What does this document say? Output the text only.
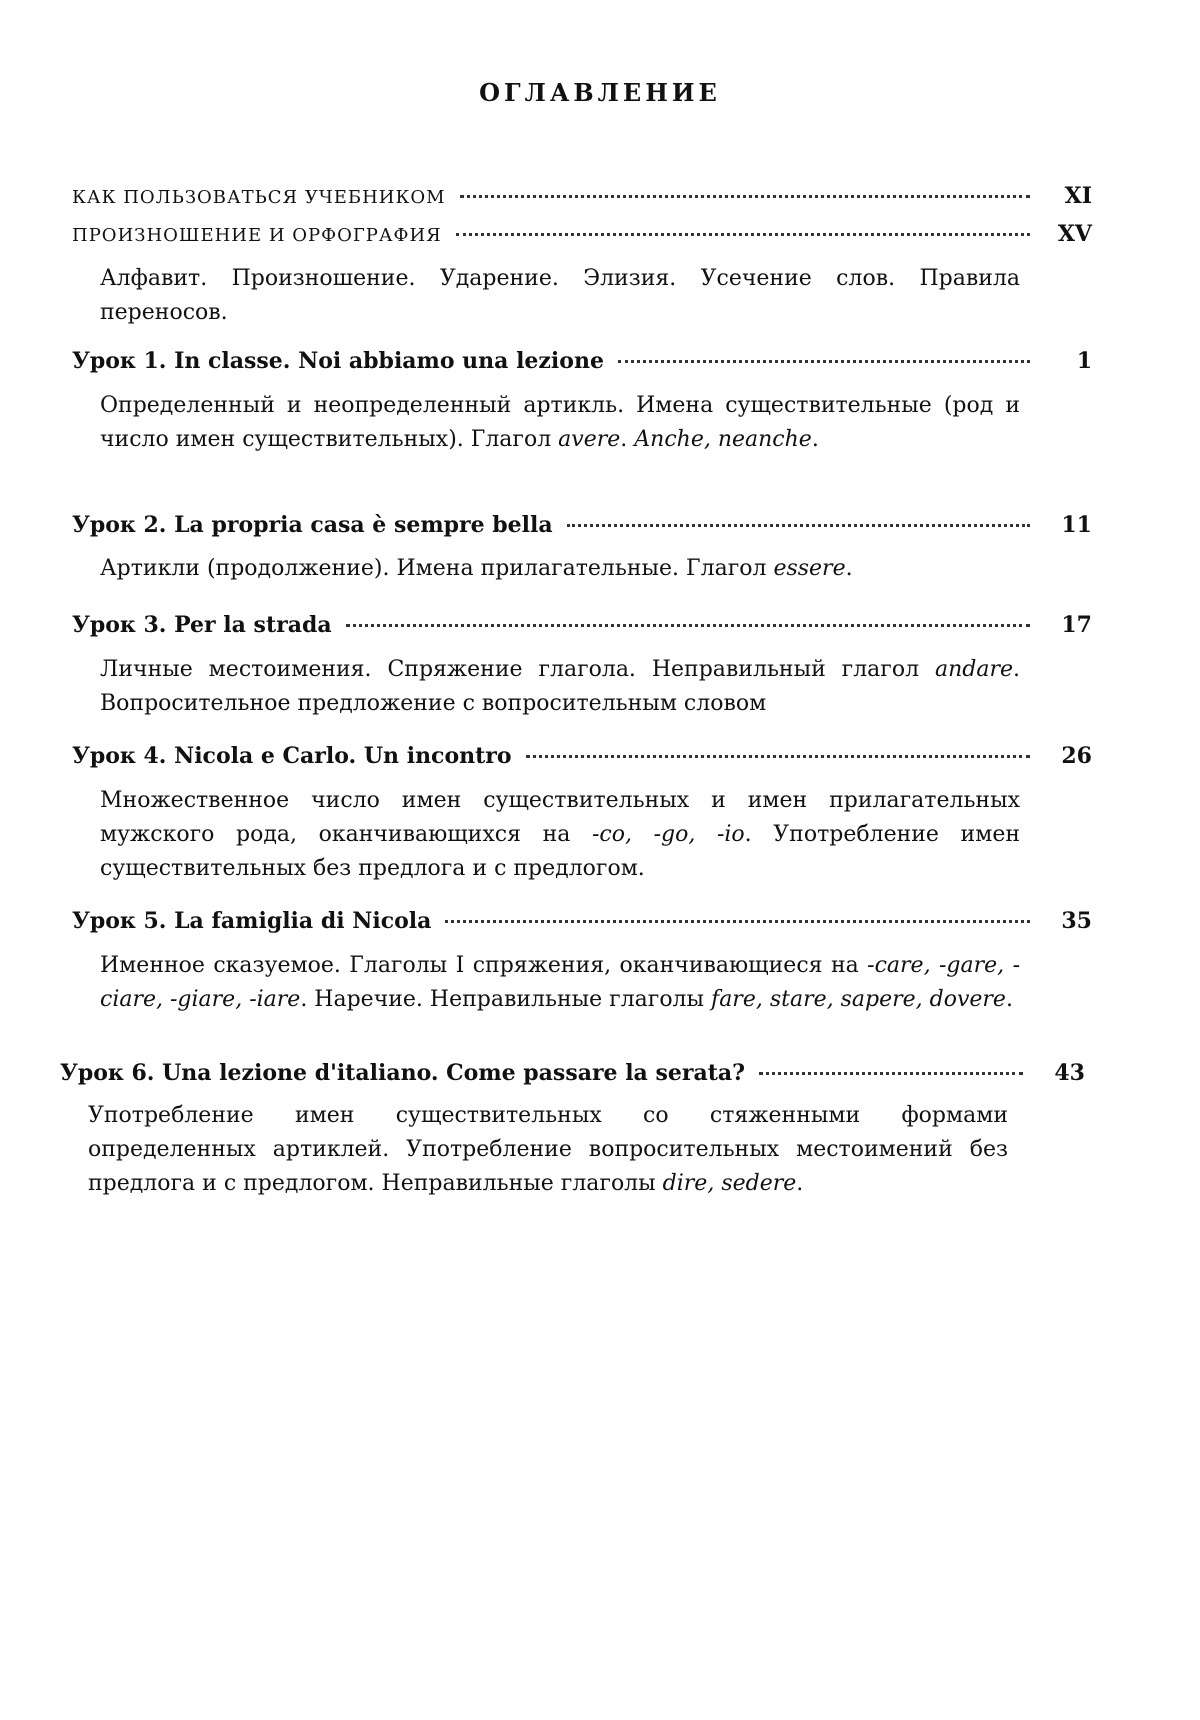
ОГЛАВЛЕНИЕ
КАК ПОЛЬЗОВАТЬСЯ УЧЕБНИКОМ	XI
ПРОИЗНОШЕНИЕ И ОРФОГРАФИЯ	XV

Алфавит. Произношение. Ударение. Элизия. Усечение слов. Правила переносов.

Урок 1. In classe. Noi abbiamo una lezione	1

Определенный и неопределенный артикль. Имена существительные (род и число имен существительных). Глагол avere. Anche, neanche.

Урок 2. La propria casa è sempre bella	11

Артикли (продолжение). Имена прилагательные. Глагол essere.

Урок 3. Per la strada	17

Личные местоимения. Спряжение глагола. Неправильный глагол andare. Вопросительное предложение с вопросительным словом

Урок 4. Nicola e Carlo. Un incontro	26

Множественное число имен существительных и имен прилагательных мужского рода, оканчивающихся на -co, -go, -io. Употребление имен существительных без предлога и с предлогом.

Урок 5. La famiglia di Nicola	35

Именное сказуемое. Глаголы I спряжения, оканчивающиеся на -care, -gare, -ciare, -giare, -iare. Наречие. Неправильные глаголы fare, stare, sapere, dovere.

Урок 6. Una lezione d'italiano. Come passare la serata?	43

Употребление имен существительных со стяженными формами определенных артиклей. Употребление вопросительных местоимений без предлога и с предлогом. Неправильные глаголы dire, sedere.
